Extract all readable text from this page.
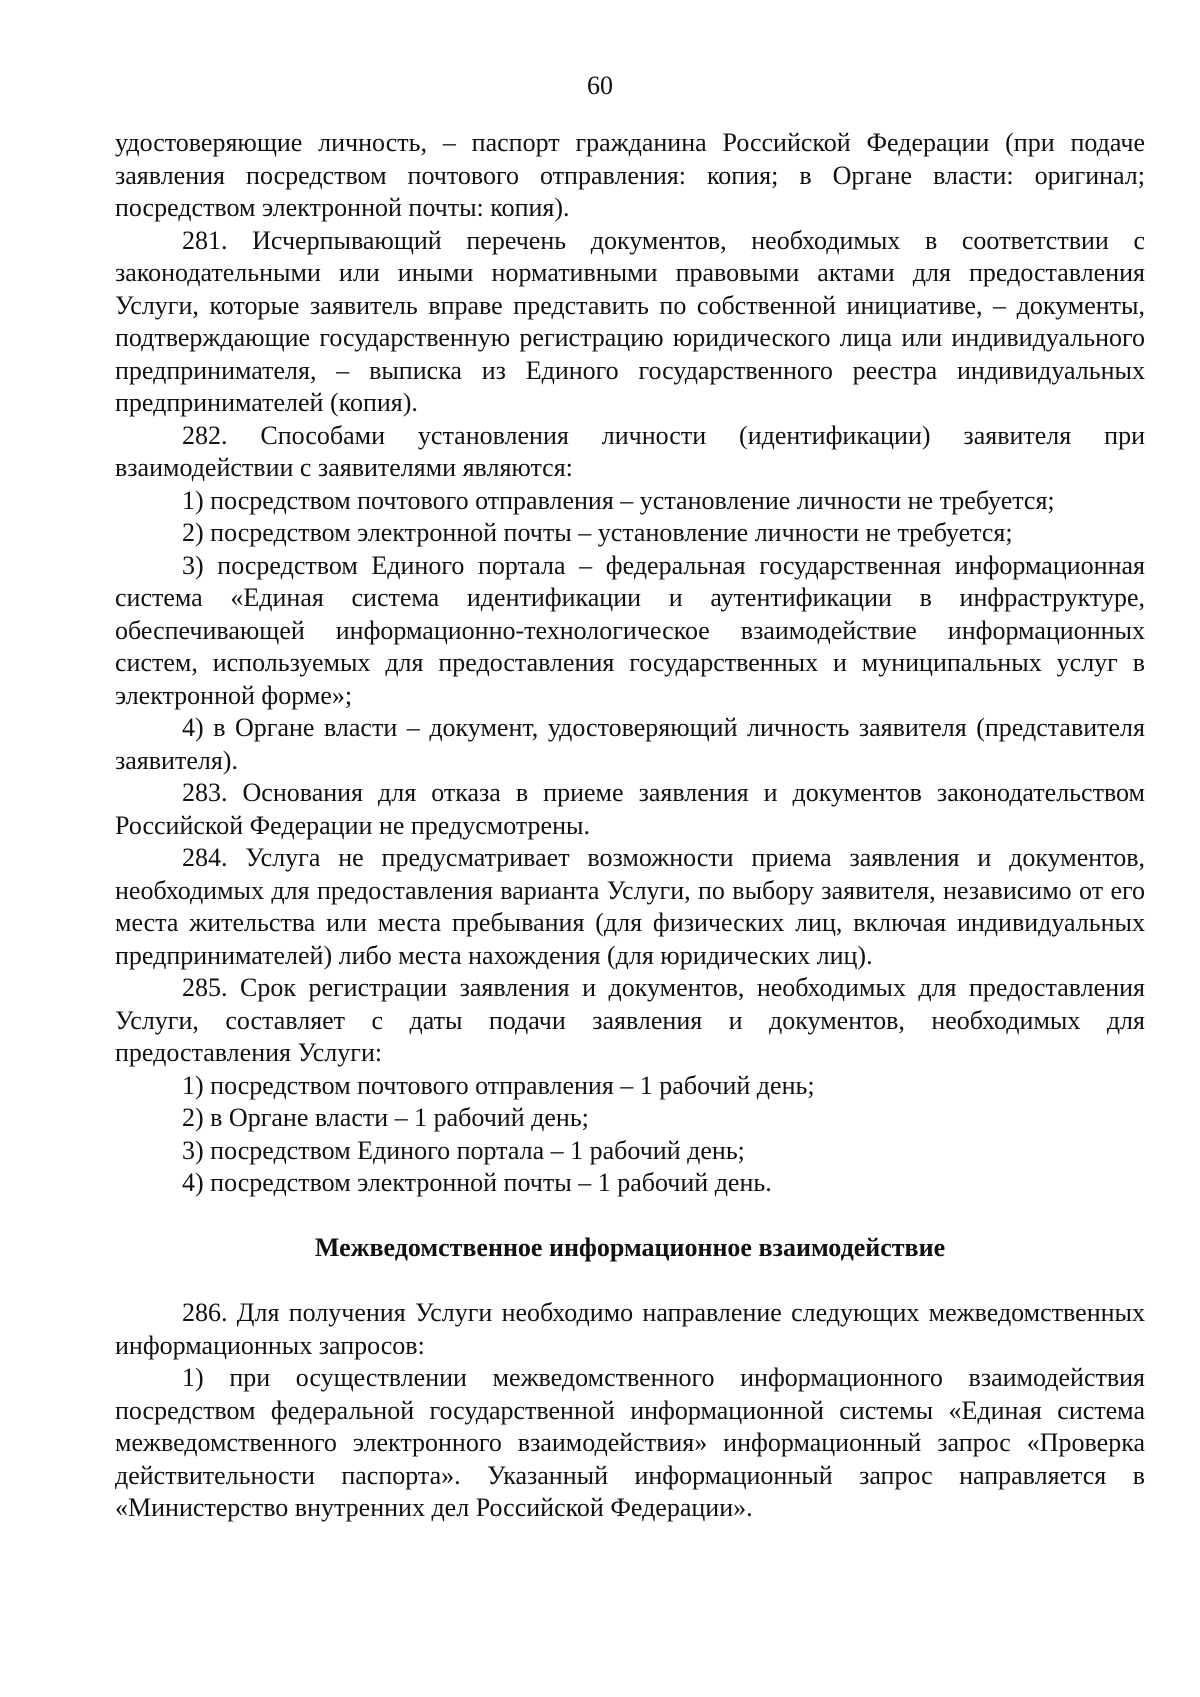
60

удостоверяющие личность, – паспорт гражданина Российской Федерации (при подаче заявления посредством почтового отправления: копия; в Органе власти: оригинал; посредством электронной почты: копия).

281. Исчерпывающий перечень документов, необходимых в соответствии с законодательными или иными нормативными правовыми актами для предоставления Услуги, которые заявитель вправе представить по собственной инициативе, – документы, подтверждающие государственную регистрацию юридического лица или индивидуального предпринимателя, – выписка из Единого государственного реестра индивидуальных предпринимателей (копия).

282. Способами установления личности (идентификации) заявителя при взаимодействии с заявителями являются:

1) посредством почтового отправления – установление личности не требуется;

2) посредством электронной почты – установление личности не требуется;

3) посредством Единого портала – федеральная государственная информационная система «Единая система идентификации и аутентификации в инфраструктуре, обеспечивающей информационно-технологическое взаимодействие информационных систем, используемых для предоставления государственных и муниципальных услуг в электронной форме»;

4) в Органе власти – документ, удостоверяющий личность заявителя (представителя заявителя).

283. Основания для отказа в приеме заявления и документов законодательством Российской Федерации не предусмотрены.

284. Услуга не предусматривает возможности приема заявления и документов, необходимых для предоставления варианта Услуги, по выбору заявителя, независимо от его места жительства или места пребывания (для физических лиц, включая индивидуальных предпринимателей) либо места нахождения (для юридических лиц).

285. Срок регистрации заявления и документов, необходимых для предоставления Услуги, составляет с даты подачи заявления и документов, необходимых для предоставления Услуги:

1) посредством почтового отправления – 1 рабочий день;

2) в Органе власти – 1 рабочий день;

3) посредством Единого портала – 1 рабочий день;

4) посредством электронной почты – 1 рабочий день.

Межведомственное информационное взаимодействие

286. Для получения Услуги необходимо направление следующих межведомственных информационных запросов:

1) при осуществлении межведомственного информационного взаимодействия посредством федеральной государственной информационной системы «Единая система межведомственного электронного взаимодействия» информационный запрос «Проверка действительности паспорта». Указанный информационный запрос направляется в «Министерство внутренних дел Российской Федерации».
